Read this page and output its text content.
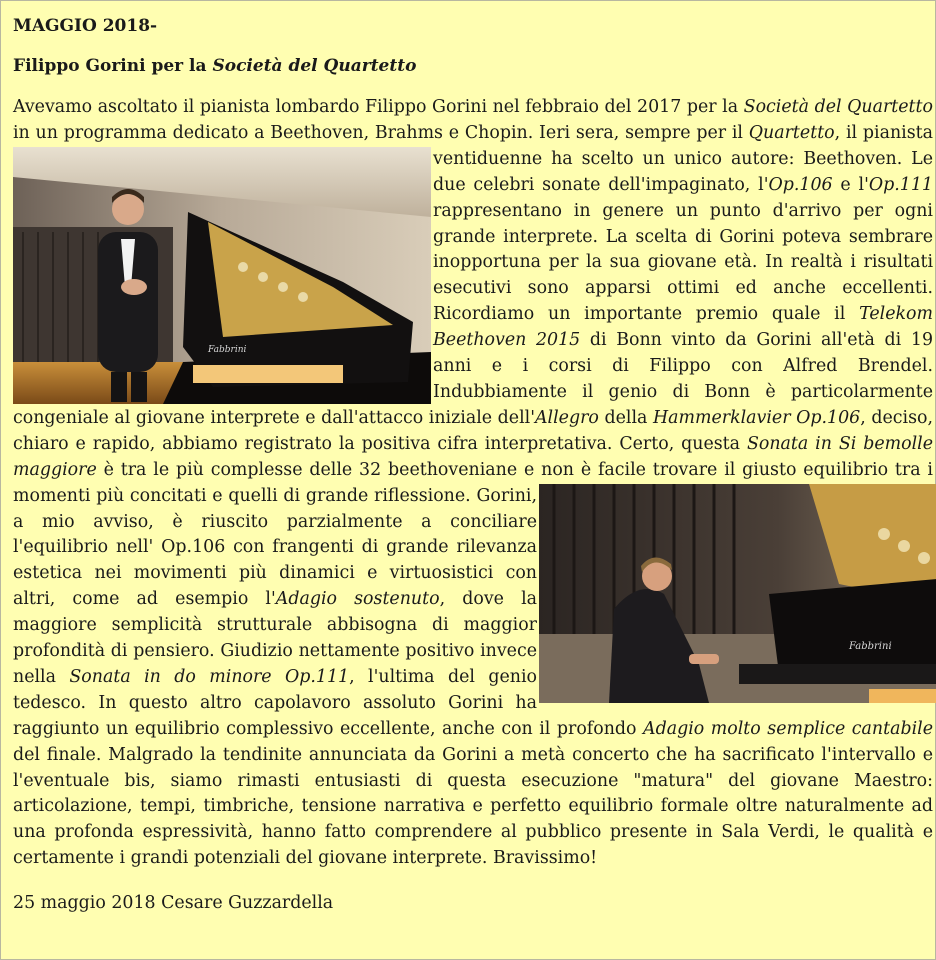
MAGGIO 2018-
Filippo Gorini per la Società del Quartetto

Fabbrini
Avevamo ascoltato il pianista lombardo Filippo Gorini nel febbraio del 2017 per la Società del Quartetto in un programma dedicato a Beethoven, Brahms e Chopin. Ieri sera, sempre per il Quartetto, il pianista ventiduenne ha scelto un unico autore: Beethoven. Le due celebri sonate dell'impaginato, l'Op.106 e l'Op.111 rappresentano in genere un punto d'arrivo per ogni grande interprete. La scelta di Gorini poteva sembrare inopportuna per la sua giovane età. In realtà i risultati esecutivi sono apparsi ottimi ed anche eccellenti. Ricordiamo un importante premio quale il Telekom Beethoven 2015 di Bonn vinto da Gorini all'età di 19 anni e i corsi di Filippo con Alfred Brendel. Indubbiamente il genio di Bonn è particolarmente congeniale al giovane interprete e dall'attacco iniziale dell'Allegro della Hammerklavier Op.106, deciso, chiaro e rapido, abbiamo registrato la positiva cifra interpretativa. Certo, questa Sonata in Si bemolle maggiore è tra le più complesse delle 32 beethoveniane e non è facile trovare il giusto equilibrio tra i momenti più concitati e quelli di grande
Fabbrini
riflessione. Gorini, a mio avviso, è riuscito parzialmente a conciliare l'equilibrio nell' Op.106 con frangenti di grande rilevanza estetica nei movimenti più dinamici e virtuosistici con altri, come ad esempio l'Adagio sostenuto, dove la maggiore semplicità strutturale abbisogna di maggior profondità di pensiero. Giudizio nettamente positivo invece nella Sonata in do minore Op.111, l'ultima del genio tedesco. In questo altro capolavoro assoluto Gorini ha raggiunto un equilibrio complessivo eccellente, anche con il profondo Adagio molto semplice cantabile del finale. Malgrado la tendinite annunciata da Gorini a metà concerto che ha sacrificato l'intervallo e l'eventuale bis, siamo rimasti entusiasti di questa esecuzione "matura" del giovane Maestro: articolazione, tempi, timbriche, tensione narrativa e perfetto equilibrio formale oltre naturalmente ad una profonda espressività, hanno fatto comprendere al pubblico presente in Sala Verdi, le qualità e certamente i grandi potenziali del giovane interprete. Bravissimo!

25 maggio 2018 Cesare Guzzardella
